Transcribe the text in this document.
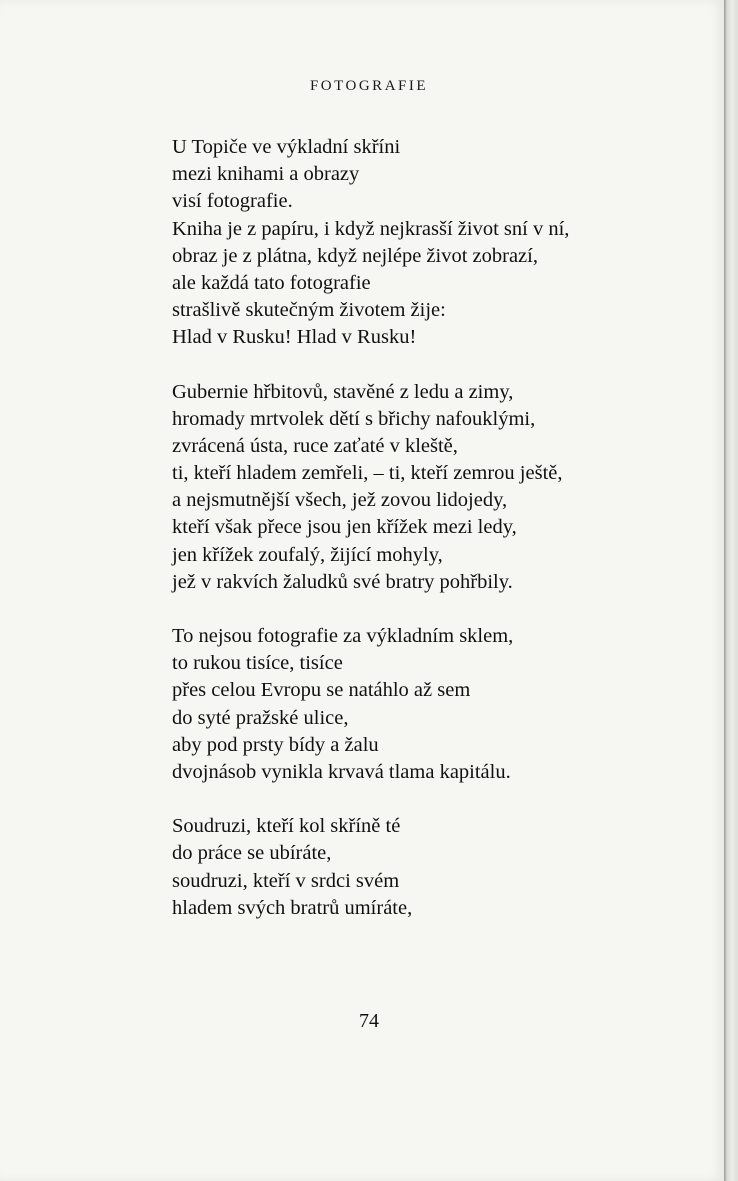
FOTOGRAFIE
U Topiče ve výkladní skříni
mezi knihami a obrazy
visí fotografie.
Kniha je z papíru, i když nejkrasší život sní v ní,
obraz je z plátna, když nejlépe život zobrazí,
ale každá tato fotografie
strašlivě skutečným životem žije:
Hlad v Rusku! Hlad v Rusku!
Gubernie hřbitovů, stavěné z ledu a zimy,
hromady mrtvolek dětí s břichy nafouklými,
zvrácená ústa, ruce zaťaté v kleště,
ti, kteří hladem zemřeli, – ti, kteří zemrou ještě,
a nejsmutnější všech, jež zovou lidojedy,
kteří však přece jsou jen křížek mezi ledy,
jen křížek zoufalý, žijící mohyly,
jež v rakvích žaludků své bratry pohřbily.
To nejsou fotografie za výkladním sklem,
to rukou tisíce, tisíce
přes celou Evropu se natáhlo až sem
do syté pražské ulice,
aby pod prsty bídy a žalu
dvojnásob vynikla krvavá tlama kapitálu.
Soudruzi, kteří kol skříně té
do práce se ubíráte,
soudruzi, kteří v srdci svém
hladem svých bratrů umíráte,
74
